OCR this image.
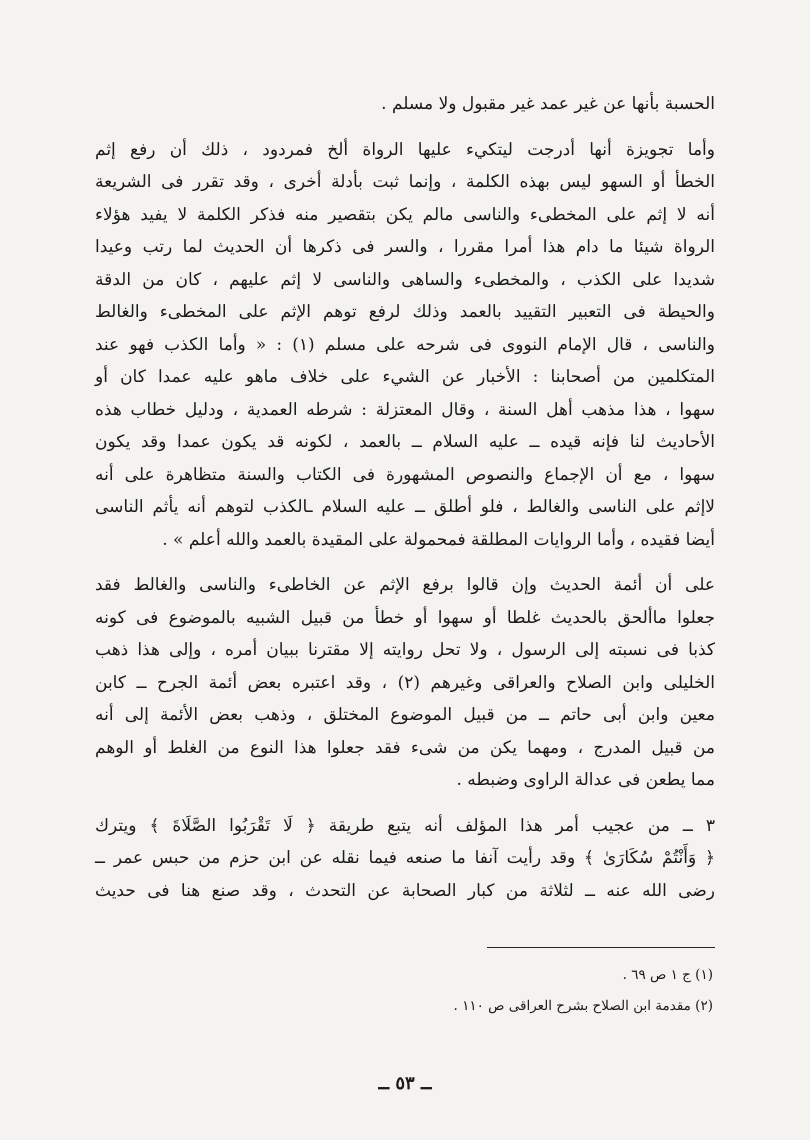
الحسبة بأنها عن غير عمد غير مقبول ولا مسلم .

وأما تجويزة أنها أدرجت ليتكيء عليها الرواة ألخ فمردود ، ذلك أن رفع إثم
الخطأ أو السهو ليس بهذه الكلمة ، وإنما ثبت بأدلة أخرى ، وقد تقرر فى الشريعة
أنه لا إثم على المخطىء والناسى مالم يكن بتقصير منه فذكر الكلمة لا يفيد هؤلاء
الرواة شيئا ما دام هذا أمرا مقررا ، والسر فى ذكرها أن الحديث لما رتب وعيدا
شديدا على الكذب ، والمخطىء والساهى والناسى لا إثم عليهم ، كان من الدقة
والحيطة فى التعبير التقييد بالعمد وذلك لرفع توهم الإثم على المخطىء والغالط
والناسى ، قال الإمام النووى فى شرحه على مسلم (١) : « وأما الكذب فهو عند
المتكلمين من أصحابنا : الأخبار عن الشيء على خلاف ماهو عليه عمدا كان أو
سهوا ، هذا مذهب أهل السنة ، وقال المعتزلة : شرطه العمدية ، ودليل خطاب هذه
الأحاديث لنا فإنه قيده ــ عليه السلام ــ بالعمد ، لكونه قد يكون عمدا وقد يكون
سهوا ، مع أن الإجماع والنصوص المشهورة فى الكتاب والسنة متظاهرة على أنه
لاإثم على الناسى والغالط ، فلو أطلق ــ عليه السلام ـالكذب لتوهم أنه يأثم الناسى
أيضا فقيده ، وأما الروايات المطلقة فمحمولة على المقيدة بالعمد والله أعلم » .

على أن أئمة الحديث وإن قالوا برفع الإثم عن الخاطىء والناسى والغالط فقد
جعلوا ماألحق بالحديث غلطا أو سهوا أو خطأ من قبيل الشبيه بالموضوع فى كونه
كذبا فى نسبته إلى الرسول ، ولا تحل روايته إلا مقترنا ببيان أمره ، وإلى هذا ذهب
الخليلى وابن الصلاح والعراقى وغيرهم (٢) ، وقد اعتبره بعض أئمة الجرح ــ كابن
معين وابن أبى حاتم ــ من قبيل الموضوع المختلق ، وذهب بعض الأئمة إلى أنه
من قبيل المدرج ، ومهما يكن من شىء فقد جعلوا هذا النوع من الغلط أو الوهم
مما يطعن فى عدالة الراوى وضبطه .

٣ ــ من عجيب أمر هذا المؤلف أنه يتبع طريقة ﴿ لَا تَقْرَبُوا الصَّلَاةَ ﴾ ويترك
﴿ وَأَنْتُمْ سُكَارَىٰ ﴾ وقد رأيت آنفا ما صنعه فيما نقله عن ابن حزم من حبس عمر ــ
رضى الله عنه ــ لثلاثة من كبار الصحابة عن التحدث ، وقد صنع هنا فى حديث

(١) ج ١ ص ٦٩ .
(٢) مقدمة ابن الصلاح بشرح العراقى ص ١١٠ .
ــ ٥٣ ــ
